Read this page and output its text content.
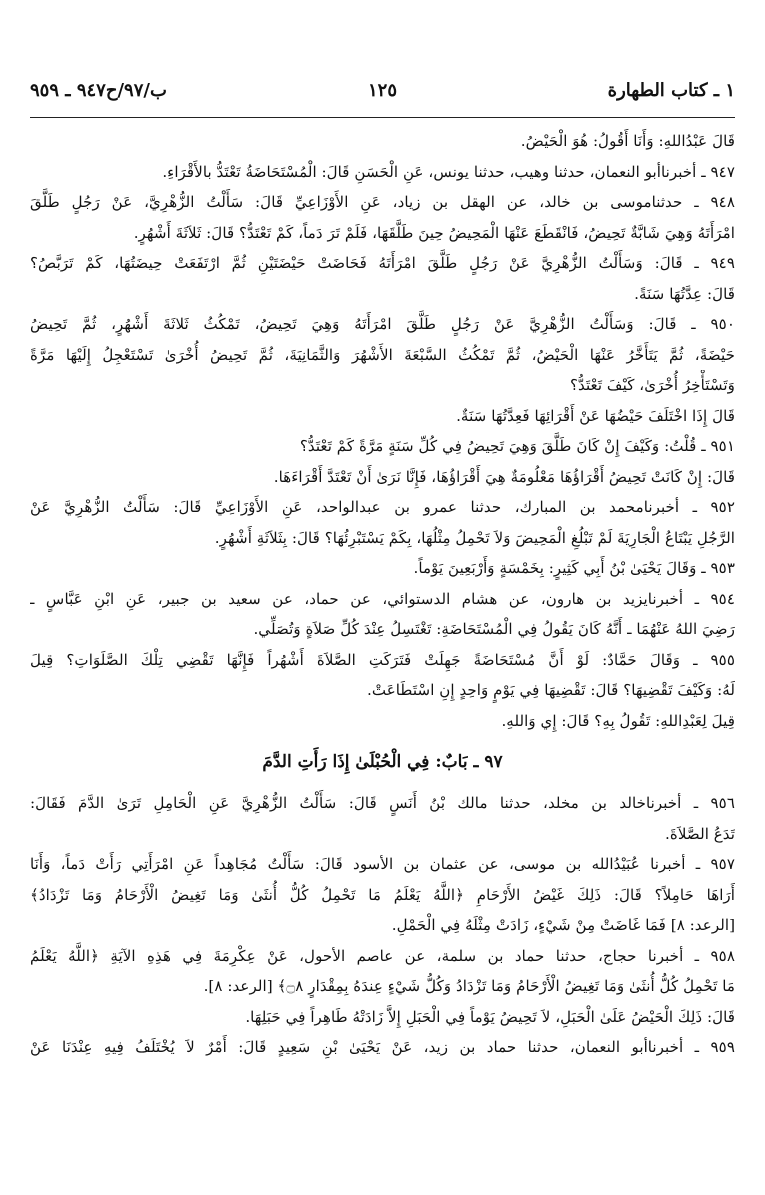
١ ـ كتاب الطهارة
١٢٥
ب/٩٧/ح٩٤٧ ـ ٩٥٩
قَالَ عَبْدُاللهِ: وَأَنَا أَقُولُ: هُوَ الْحَيْضُ.
٩٤٧ ـ أخبرناأبو النعمان، حدثنا وهيب، حدثنا يونس، عَنِ الْحَسَنِ قَالَ: الْمُسْتَحَاضَةُ تَعْتَدُّ بالأَقْرَاءِ.
٩٤٨ ـ حدثناموسى بن خالد، عن الهقل بن زياد، عَنِ الأَوْزَاعِيِّ قَالَ: سَأَلْتُ الزُّهْرِيَّ، عَنْ رَجُلٍ طَلَّقَ
امْرَأَتَهُ وَهِيَ شَابَّةٌ تَحِيضُ، فَانْقَطَعَ عَنْهَا الْمَحِيضُ حِينَ طَلَّقَهَا، فَلَمْ تَرَ دَماً، كَمْ تَعْتَدُّ؟ قَالَ: ثَلاَثَةَ أَشْهُرٍ.
٩٤٩ ـ قَالَ: وَسَأَلْتُ الزُّهْرِيَّ عَنْ رَجُلٍ طَلَّقَ امْرَأَتَهُ فَحَاضَتْ حَيْضَتَيْنِ ثُمَّ ارْتَفَعَتْ حِيضَتُهَا، كَمْ تَرَبَّصُ؟
قَالَ: عِدَّتُهَا سَنَةً.
٩٥٠ ـ قَالَ: وَسَأَلْتُ الزُّهْرِيَّ عَنْ رَجُلٍ طَلَّقَ امْرَأَتَهُ وَهِيَ تَحِيضُ، تَمْكُثُ ثَلاثَةَ أَشْهُرٍ، ثُمَّ تَحِيضُ
حَيْضَةً، ثُمَّ يَتَأَخَّرُ عَنْهَا الْحَيْضُ، ثُمَّ تَمْكُثُ السَّبْعَةَ الأَشْهُرَ وَالثَّمَانِيَةَ، ثُمَّ تَحِيضُ أُخْرَىٰ تَسْتَعْجِلُ إِلَيْهَا مَرَّةً
وَتَسْتَأْخِرُ أُخْرَىٰ، كَيْفَ تَعْتَدُّ؟
قَالَ إِذَا اخْتَلَفَ حَيْضُهَا عَنْ أَقْرَائِهَا فَعِدَّتُهَا سَنَةٌ.
٩٥١ ـ قُلْتُ: وَكَيْفَ إِنْ كَانَ طَلَّقَ وَهِيَ تَحِيضُ فِي كُلِّ سَنَةٍ مَرَّةً كَمْ تَعْتَدُّ؟
قَالَ: إِنْ كَانَتْ تَحِيضُ أَقْرَاؤُهَا مَعْلُومَةٌ هِيَ أَقْرَاؤُهَا، فَإِنَّا نَرَىٰ أَنْ تَعْتَدَّ أَقْرَاءَهَا.
٩٥٢ ـ أخبرنامحمد بن المبارك، حدثنا عمرو بن عبدالواحد، عَنِ الأَوْزَاعِيِّ قَالَ: سَأَلْتُ الزُّهْرِيَّ عَنْ
الرَّجُلِ يَبْتَاعُ الْجَارِيَةَ لَمْ تَبْلُغِ الْمَحِيضَ وَلاَ تَحْمِلُ مِثْلُهَا، بِكَمْ يَسْتَبْرِئُهَا؟ قَالَ: بِثَلاَثَةِ أَشْهُرٍ.
٩٥٣ ـ وَقَالَ يَحْيَىٰ بْنُ أَبِي كَثِيرٍ: بِخَمْسَةٍ وَأَرْبَعِينَ يَوْماً.
٩٥٤ ـ أخبرنايزيد بن هارون، عن هشام الدستوائي، عن حماد، عن سعيد بن جبير، عَنِ ابْنِ عَبَّاسٍ ـ
رَضِيَ اللهُ عَنْهُمَا ـ أَنَّهُ كَانَ يَقُولُ فِي الْمُسْتَحَاضَةِ: تَغْتَسِلُ عِنْدَ كُلِّ صَلاَةٍ وَتُصَلِّي.
٩٥٥ ـ وَقَالَ حَمَّادٌ: لَوْ أَنَّ مُسْتَحَاضَةً جَهِلَتْ فَتَرَكَتِ الصَّلاَةَ أَشْهُراً فَإِنَّهَا تَقْضِي تِلْكَ الصَّلَوَاتِ؟ قِيلَ
لَهُ: وَكَيْفَ تَقْضِيهَا؟ قَالَ: تَقْضِيهَا فِي يَوْمٍ وَاحِدٍ إِنِ اسْتَطَاعَتْ.
قِيلَ لِعَبْدِاللهِ: تَقُولُ بِهِ؟ قَالَ: إِي وَاللهِ.
٩٧ ـ بَابٌ: فِي الْحُبْلَىٰ إِذَا رَأَتِ الدَّمَ
٩٥٦ ـ أخبرناخالد بن مخلد، حدثنا مالك بْنُ أَنَسٍ قَالَ: سَأَلْتُ الزُّهْرِيَّ عَنِ الْحَامِلِ تَرَىٰ الدَّمَ فَقَالَ:
تَدَعُ الصَّلاَةَ.
٩٥٧ ـ أخبرنا عُبَيْدُالله بن موسى، عن عثمان بن الأسود قَالَ: سَأَلْتُ مُجَاهِداً عَنِ امْرَأَتِي رَأَتْ دَماً، وَأَنَا
أَرَاهَا حَامِلاً؟ قَالَ: ذَلِكَ غَيْضُ الأَرْحَامِ ﴿اللَّهُ يَعْلَمُ مَا تَحْمِلُ كُلُّ أُنثَىٰ وَمَا تَغِيضُ الْأَرْحَامُ وَمَا تَزْدَادُ﴾
[الرعد: ٨] فَمَا غَاضَتْ مِنْ شَيْءٍ، زَادَتْ مِثْلَهُ فِي الْحَمْلِ.
٩٥٨ ـ أخبرنا حجاج، حدثنا حماد بن سلمة، عن عاصم الأحول، عَنْ عِكْرِمَةَ فِي هَذِهِ الآيَةِ ﴿اللَّهُ يَعْلَمُ
مَا تَحْمِلُ كُلُّ أُنثَىٰ وَمَا تَغِيضُ الْأَرْحَامُ وَمَا تَزْدَادُ وَكُلُّ شَيْءٍ عِندَهُ بِمِقْدَارٍ ۝٨﴾ [الرعد: ٨].
قَالَ: ذَلِكَ الْحَيْضُ عَلَىٰ الْحَبَلِ، لاَ تَحِيضُ يَوْماً فِي الْحَبَلِ إِلاَّ زَادَتْهُ طَاهِراً فِي حَبَلِهَا.
٩٥٩ ـ أخبرناأبو النعمان، حدثنا حماد بن زيد، عَنْ يَحْيَىٰ بْنِ سَعِيدٍ قَالَ: أَمْرٌ لاَ يُخْتَلَفُ فِيهِ عِنْدَنَا عَنْ
